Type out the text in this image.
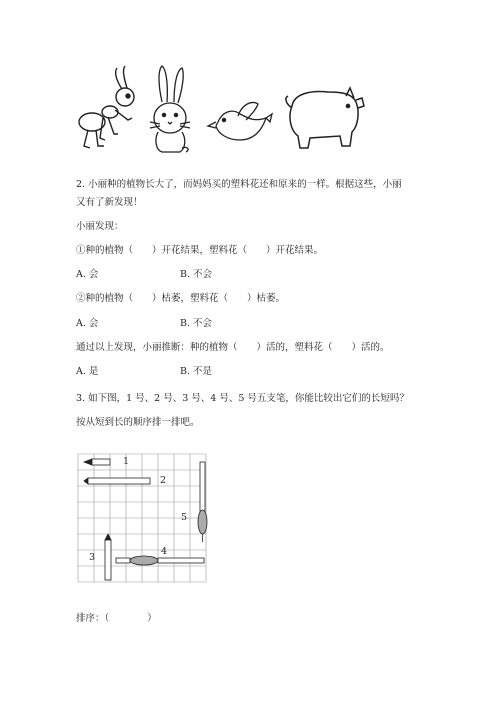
2. 小丽种的植物长大了，而妈妈买的塑料花还和原来的一样。根据这些，小丽
又有了新发现！
小丽发现：
①种的植物（　　）开花结果，塑料花（　　）开花结果。
A. 会	B. 不会
②种的植物（　　）枯萎，塑料花（　　）枯萎。
A. 会	B. 不会
通过以上发现，小丽推断：种的植物（　　）活的，塑料花（　　）活的。
A. 是	B. 不是
3. 如下图，1 号、2 号、3 号、4 号、5 号五支笔，你能比较出它们的长短吗？
按从短到长的顺序排一排吧。
1
2
3
4
5
排序：（　　　　）
